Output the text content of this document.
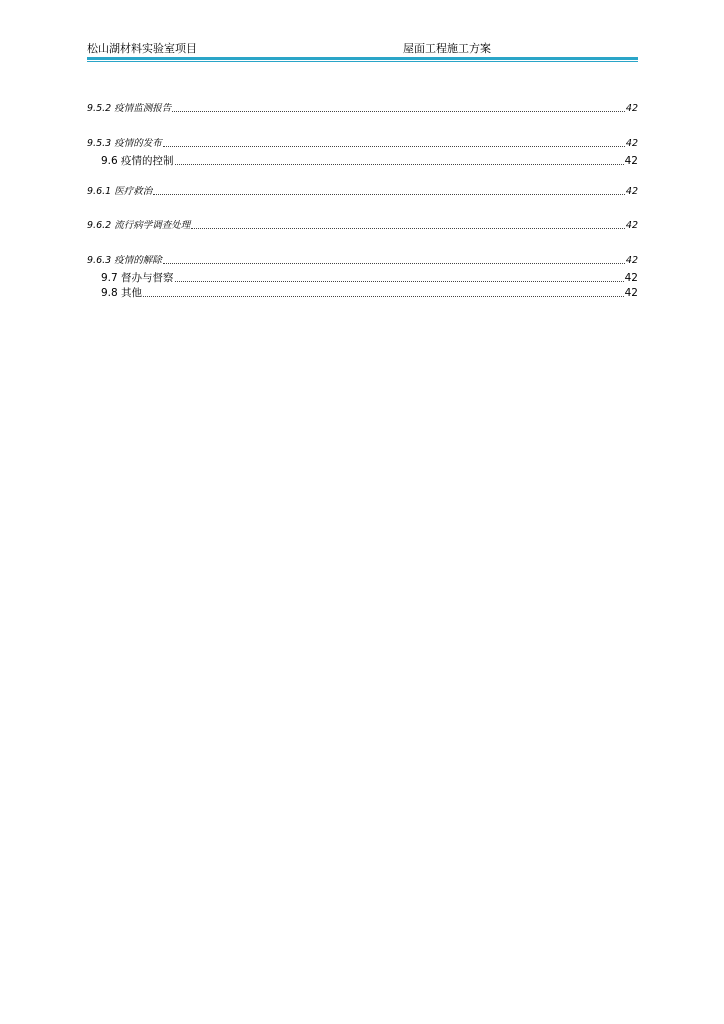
松山湖材料实验室项目	屋面工程施工方案
9.5.2 疫情监测报告	42
9.5.3 疫情的发布	42
9.6 疫情的控制	42
9.6.1 医疗救治	42
9.6.2 流行病学调查处理	42
9.6.3 疫情的解除	42
9.7 督办与督察	42
9.8 其他	42
